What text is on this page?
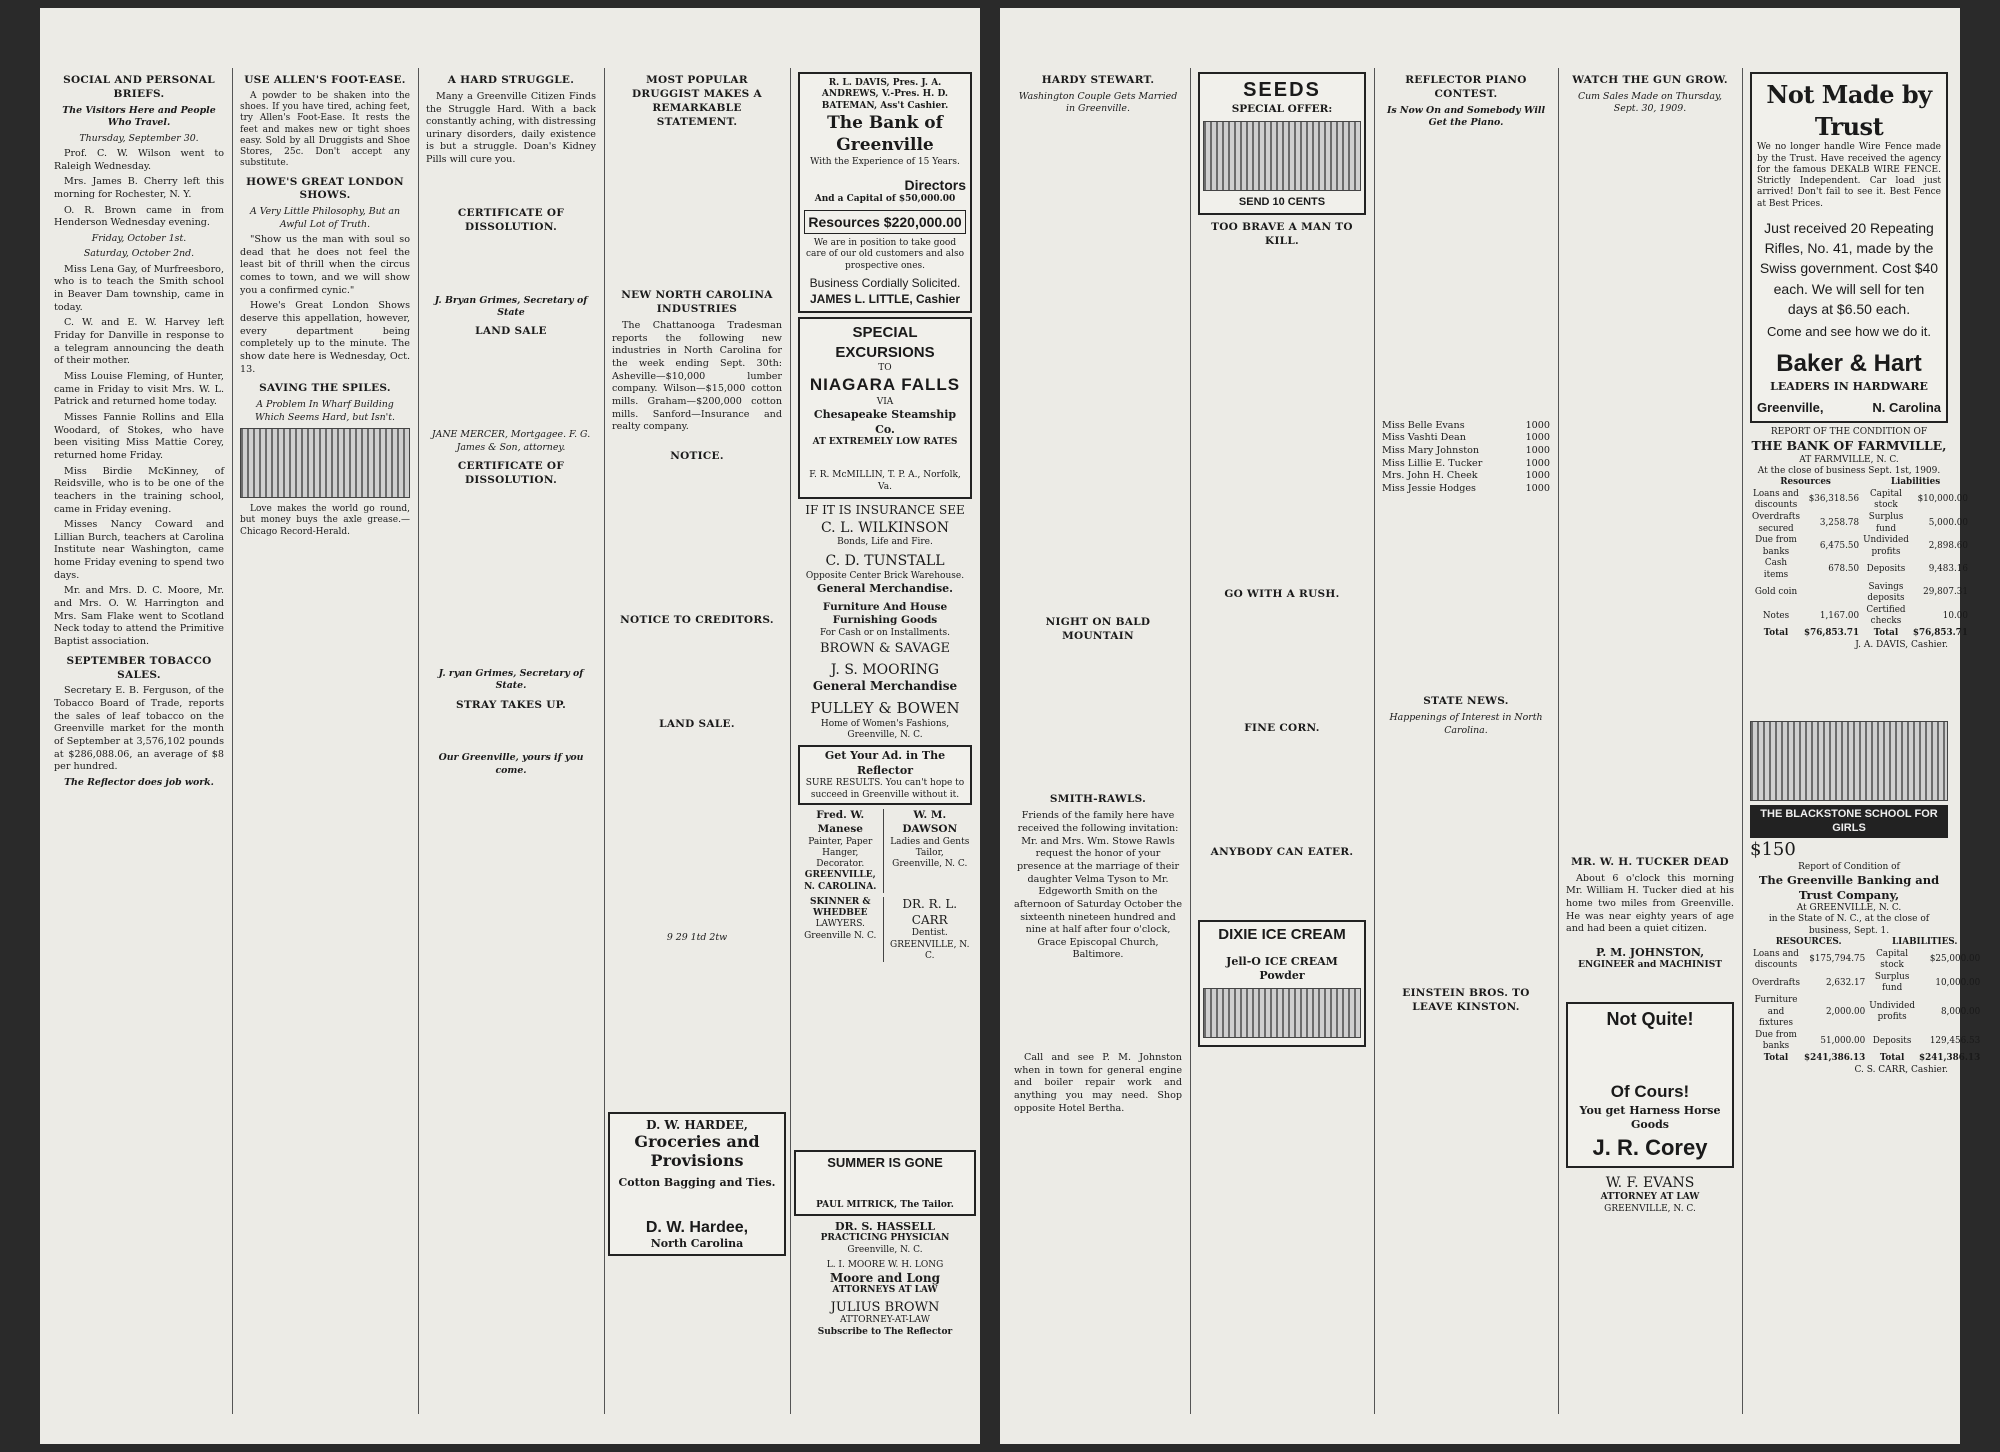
SOCIAL AND PERSONAL BRIEFS.
The Visitors Here and People Who Travel.
Thursday, September 30.
Prof. C. W. Wilson went to Raleigh Wednesday.
Mrs. James B. Cherry left this morning for Rochester, N. Y.
O. R. Brown came in from Henderson Wednesday evening.
Friday, October 1st.
Saturday, October 2nd.
Miss Lena Gay, of Murfreesboro, who is to teach the Smith school in Beaver Dam township, came in today.
C. W. and E. W. Harvey left Friday for Danville in response to a telegram announcing the death of their mother.
Miss Louise Fleming, of Hunter, came in Friday to visit Mrs. W. L. Patrick and returned home today.
Misses Fannie Rollins and Ella Woodard, of Stokes, who have been visiting Miss Mattie Corey, returned home Friday.
Miss Birdie McKinney, of Reidsville, who is to be one of the teachers in the training school, came in Friday evening.
Misses Nancy Coward and Lillian Burch, teachers at Carolina Institute near Washington, came home Friday evening to spend two days.
Mr. and Mrs. D. C. Moore, Mr. and Mrs. O. W. Harrington and Mrs. Sam Flake went to Scotland Neck today to attend the Primitive Baptist association.
SEPTEMBER TOBACCO SALES.
Secretary E. B. Ferguson, of the Tobacco Board of Trade, reports the sales of leaf tobacco on the Greenville market for the month of September at 3,576,102 pounds at $286,088.06, an average of $8 per hundred.
The Reflector does job work.
USE ALLEN'S FOOT-EASE.
A powder to be shaken into the shoes. If you have tired, aching feet, try Allen's Foot-Ease. It rests the feet and makes new or tight shoes easy. Sold by all Druggists and Shoe Stores, 25c. Don't accept any substitute.
HOWE'S GREAT LONDON SHOWS.
A Very Little Philosophy, But an Awful Lot of Truth.
"Show us the man with soul so dead that he does not feel the least bit of thrill when the circus comes to town, and we will show you a confirmed cynic."
Howe's Great London Shows deserve this appellation, however, every department being completely up to the minute. The show date here is Wednesday, Oct. 13.
SAVING THE SPILES.
A Problem In Wharf Building Which Seems Hard, but Isn't.
Love makes the world go round, but money buys the axle grease.—Chicago Record-Herald.
A HARD STRUGGLE.
Many a Greenville Citizen Finds the Struggle Hard. With a back constantly aching, with distressing urinary disorders, daily existence is but a struggle. Doan's Kidney Pills will cure you.
CERTIFICATE OF DISSOLUTION.
J. Bryan Grimes, Secretary of State
LAND SALE
JANE MERCER, Mortgagee. F. G. James & Son, attorney.
CERTIFICATE OF DISSOLUTION.
J. ryan Grimes, Secretary of State.
STRAY TAKES UP.
Our Greenville, yours if you come.
MOST POPULAR DRUGGIST MAKES A REMARKABLE STATEMENT.
NEW NORTH CAROLINA INDUSTRIES
The Chattanooga Tradesman reports the following new industries in North Carolina for the week ending Sept. 30th: Asheville—$10,000 lumber company. Wilson—$15,000 cotton mills. Graham—$200,000 cotton mills. Sanford—Insurance and realty company.
NOTICE.
NOTICE TO CREDITORS.
LAND SALE.
9 29 1td 2tw
R. L. DAVIS, Pres. J. A. ANDREWS, V.-Pres. H. D. BATEMAN, Ass't Cashier.
The Bank of Greenville
With the Experience of 15 Years.
Directors
And a Capital of $50,000.00
Resources $220,000.00
We are in position to take good care of our old customers and also prospective ones.
Business Cordially Solicited.
JAMES L. LITTLE, Cashier
SPECIAL EXCURSIONS
TO
NIAGARA FALLS
VIA
Chesapeake Steamship Co.
AT EXTREMELY LOW RATES
F. R. McMILLIN, T. P. A., Norfolk, Va.
IF IT IS INSURANCE SEE
C. L. WILKINSON
Bonds, Life and Fire.
C. D. TUNSTALL
Opposite Center Brick Warehouse.
General Merchandise.
Furniture And House Furnishing Goods
For Cash or on Installments.
BROWN & SAVAGE
J. S. MOORING
General Merchandise
PULLEY & BOWEN
Home of Women's Fashions, Greenville, N. C.
Get Your Ad. in The Reflector
SURE RESULTS. You can't hope to succeed in Greenville without it.
Fred. W. Manese
Painter, Paper Hanger, Decorator.
GREENVILLE, N. CAROLINA.
W. M. DAWSON
Ladies and Gents Tailor,
Greenville, N. C.
SKINNER & WHEDBEE
LAWYERS. Greenville N. C.
DR. R. L. CARR
Dentist.
GREENVILLE, N. C.
SUMMER IS GONE
PAUL MITRICK, The Tailor.
DR. S. HASSELL
PRACTICING PHYSICIAN
Greenville, N. C.
L. I. MOORE W. H. LONG
Moore and Long
ATTORNEYS AT LAW
JULIUS BROWN
ATTORNEY-AT-LAW
Subscribe to The Reflector
D. W. HARDEE,
Groceries and Provisions
Cotton Bagging and Ties.
D. W. Hardee,
North Carolina
HARDY STEWART.
Washington Couple Gets Married in Greenville.
NIGHT ON BALD MOUNTAIN
SMITH-RAWLS.
Friends of the family here have received the following invitation: Mr. and Mrs. Wm. Stowe Rawls request the honor of your presence at the marriage of their daughter Velma Tyson to Mr. Edgeworth Smith on the afternoon of Saturday October the sixteenth nineteen hundred and nine at half after four o'clock, Grace Episcopal Church, Baltimore.
Call and see P. M. Johnston when in town for general engine and boiler repair work and anything you may need. Shop opposite Hotel Bertha.
SEEDS
SPECIAL OFFER:
SEND 10 CENTS
TOO BRAVE A MAN TO KILL.
GO WITH A RUSH.
FINE CORN.
ANYBODY CAN EATER.
DIXIE ICE CREAM
Jell-O ICE CREAM Powder
REFLECTOR PIANO CONTEST.
Is Now On and Somebody Will Get the Piano.
Miss Belle Evans	1000
Miss Vashti Dean	1000
Miss Mary Johnston	1000
Miss Lillie E. Tucker	1000
Mrs. John H. Cheek	1000
Miss Jessie Hodges	1000
STATE NEWS.
Happenings of Interest in North Carolina.
EINSTEIN BROS. TO LEAVE KINSTON.
WATCH THE GUN GROW.
Cum Sales Made on Thursday, Sept. 30, 1909.
MR. W. H. TUCKER DEAD
About 6 o'clock this morning Mr. William H. Tucker died at his home two miles from Greenville. He was near eighty years of age and had been a quiet citizen.
P. M. JOHNSTON,
ENGINEER and MACHINIST
Not Quite!
Of Cours!
You get Harness Horse Goods
J. R. Corey
W. F. EVANS
ATTORNEY AT LAW
GREENVILLE, N. C.
Not Made by Trust
We no longer handle Wire Fence made by the Trust. Have received the agency for the famous DEKALB WIRE FENCE. Strictly Independent. Car load just arrived! Don't fail to see it. Best Fence at Best Prices.
Just received 20 Repeating Rifles, No. 41, made by the Swiss government. Cost $40 each. We will sell for ten days at $6.50 each.
Come and see how we do it.
Baker & Hart
LEADERS IN HARDWARE
Greenville,	N. Carolina
REPORT OF THE CONDITION OF
THE BANK OF FARMVILLE,
AT FARMVILLE, N. C.
At the close of business Sept. 1st, 1909.
Resources		Liabilities	
Loans and discounts	$36,318.56	Capital stock	$10,000.00
Overdrafts secured	3,258.78	Surplus fund	5,000.00
Due from banks	6,475.50	Undivided profits	2,898.60
Cash items	678.50	Deposits	9,483.16
Gold coin		Savings deposits	29,807.31
Notes	1,167.00	Certified checks	10.00
Total	$76,853.71	Total	$76,853.71
J. A. DAVIS, Cashier.
THE BLACKSTONE SCHOOL FOR GIRLS
$150
Report of Condition of
The Greenville Banking and Trust Company,
At GREENVILLE, N. C.
in the State of N. C., at the close of business, Sept. 1.
RESOURCES.		LIABILITIES.	
Loans and discounts	$175,794.75	Capital stock	$25,000.00
Overdrafts	2,632.17	Surplus fund	10,000.00
Furniture and fixtures	2,000.00	Undivided profits	8,000.00
Due from banks	51,000.00	Deposits	129,456.53
Total	$241,386.13	Total	$241,386.13
C. S. CARR, Cashier.
